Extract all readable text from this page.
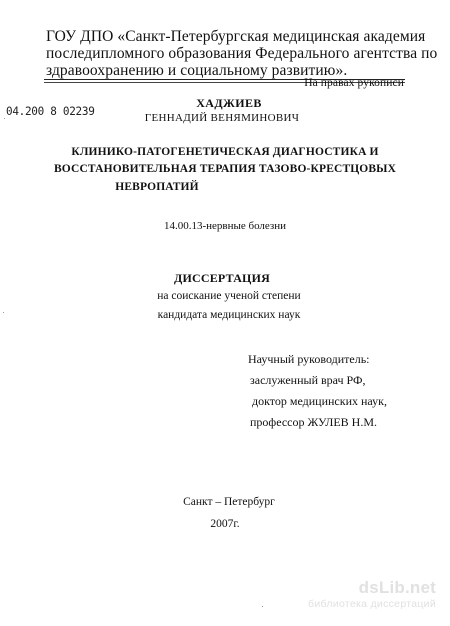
ГОУ ДПО «Санкт-Петербургская медицинская академия
последипломного образования Федерального агентства по
здравоохранению и социальному развитию».
На правах рукописи
04.200 8 02239
ХАДЖИЕВ
ГЕННАДИЙ ВЕНЯМИНОВИЧ
КЛИНИКО-ПАТОГЕНЕТИЧЕСКАЯ ДИАГНОСТИКА И
ВОССТАНОВИТЕЛЬНАЯ ТЕРАПИЯ ТАЗОВО-КРЕСТЦОВЫХ
НЕВРОПАТИЙ
14.00.13-нервные болезни
ДИССЕРТАЦИЯ
на соискание ученой степени
кандидата медицинских наук
Научный руководитель:
заслуженный врач РФ,
доктор медицинских наук,
профессор ЖУЛЕВ Н.М.
Санкт – Петербург
2007г.
dsLib.net
библиотека диссертаций
